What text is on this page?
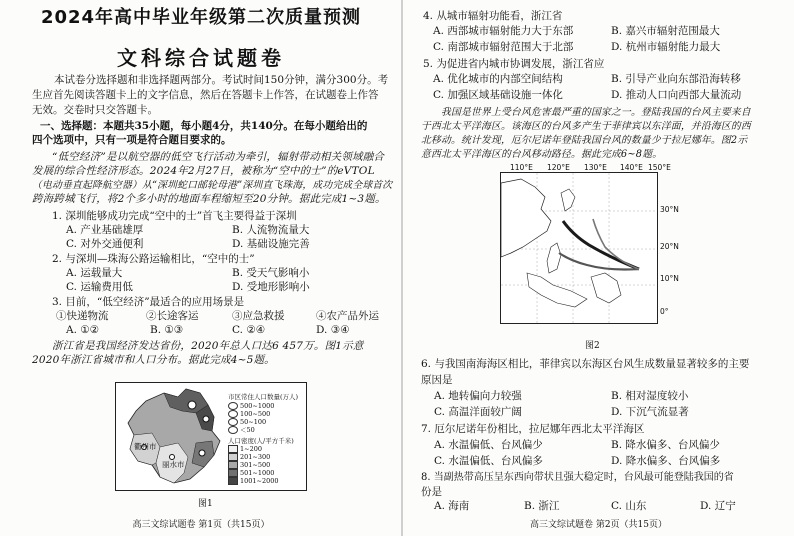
2024年高中毕业年级第二次质量预测
文科综合试题卷
本试卷分选择题和非选择题两部分。考试时间150分钟，满分300分。考
生应首先阅读答题卡上的文字信息，然后在答题卡上作答，在试题卷上作答
无效。交卷时只交答题卡。
一、选择题：本题共35小题，每小题4分，共140分。在每小题给出的
四个选项中，只有一项是符合题目要求的。
“低空经济”是以航空器的低空飞行活动为牵引，辐射带动相关领域融合
发展的综合性经济形态。2024年2月27日，被称为“空中的士”的eVTOL
（电动垂直起降航空器）从“深圳蛇口邮轮母港”深圳直飞珠海，成功完成全球首次
跨海跨城飞行，将2个多小时的地面车程缩短至20分钟。据此完成1~3题。
1. 深圳能够成功完成“空中的士”首飞主要得益于深圳
A. 产业基础雄厚	B. 人流物流量大
C. 对外交通便利	D. 基础设施完善
2. 与深圳—珠海公路运输相比，“空中的士”
A. 运载量大	B. 受天气影响小
C. 运输费用低	D. 受地形影响小
3. 目前，“低空经济”最适合的应用场景是
①快递物流	②长途客运	③应急救援	④农产品外运
A. ①②	B. ①③	C. ②④	D. ③④
浙江省是我国经济发达省份，2020年总人口达6 457万。图1示意
2020年浙江省城市和人口分布。据此完成4~5题。
衢州市
丽水市
市区常住人口数量(万人)
500~1000
100~500
50~100
＜50
人口密度(人/平方千米)
1~200
201~300
301~500
501~1000
1001~2000
图1
高三文综试题卷 第1页（共15页）
4. 从城市辐射功能看，浙江省
A. 西部城市辐射能力大于东部	B. 嘉兴市辐射范围最大
C. 南部城市辐射范围大于北部	D. 杭州市辐射能力最大
5. 为促进省内城市协调发展，浙江省应
A. 优化城市的内部空间结构	B. 引导产业向东部沿海转移
C. 加强区域基础设施一体化	D. 推动人口向西部大量流动
我国是世界上受台风危害最严重的国家之一。登陆我国的台风主要来自
于西北太平洋海区。该海区的台风多产生于菲律宾以东洋面，并沿海区的西
北移动。统计发现，厄尔尼诺年登陆我国台风的数量少于拉尼娜年。图2示
意西北太平洋海区的台风移动路径。据此完成6~8题。
110°E 120°E 130°E 140°E 150°E
30°N
20°N
10°N
0°
图2
6. 与我国南海海区相比，菲律宾以东海区台风生成数量显著较多的主要
原因是
A. 地转偏向力较强	B. 相对湿度较小
C. 高温洋面较广阔	D. 下沉气流显著
7. 厄尔尼诺年份相比，拉尼娜年西北太平洋海区
A. 水温偏低、台风偏少	B. 降水偏多、台风偏少
C. 水温偏低、台风偏多	D. 降水偏多、台风偏多
8. 当副热带高压呈东西向带状且强大稳定时，台风最可能登陆我国的省
份是
A. 海南	B. 浙江	C. 山东	D. 辽宁
高三文综试题卷 第2页（共15页）
